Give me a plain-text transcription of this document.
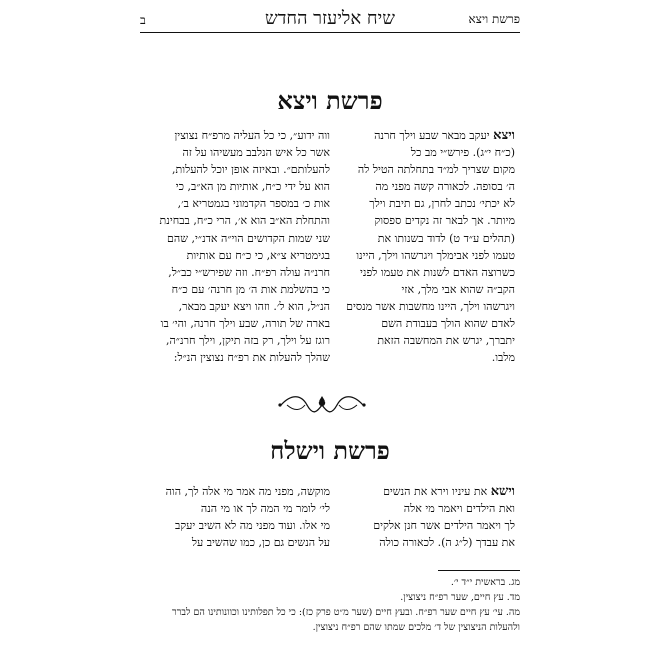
פרשת ויצא
שיח אליעזר החדש
ב
פרשת ויצא
פרשת וישלח
מג. בראשית י״ד י׳.
מד. עץ חיים, שער רפ״ח ניצוצין.
מה. עי׳ עץ חיים שער רפ״ח. ובעץ חיים (שער מ״ט פרק כז): כי כל תפלותינו וכוונותינו הם לברר
ולהעלות הניצוצין של ד׳ מלכים שמתו שהם רפ״ח ניצוצין.
ויצא יעקב מבאר שבע וילך חרנה
(כ״ח י״ג). פירש״י מב כל
מקום שצריך למ״ד בתחלתה הטיל לה
ה׳ בסופה. לכאורה קשה מפני מה
לא יכתי׳ נכתב לחרן, גם תיבת וילך
מיותר. אך לבאר זה נקדים ספסוק
(תהלים ע״ד ט) לדוד בשנותו את
טעמו לפני אבימלך ויגרשהו וילך, היינו
כשרוצה האדם לשנות את טעמו לפני
הקב״ה שהוא אבי מלך, אזי
ויגרשהו וילך, היינו מחשבות אשר מנסים
לאדם שהוא הולך בעבודת השם
יתברך, יגרש את המחשבה הזאת
מלבו.
ווה ידוע״, כי כל העליה מרפ״ח נצוצין
אשר כל איש הנלבב מעשיהו על זה
להעלותם״. ובאיזה אופן יוכל להעלות,
הוא על ידי כ״ח, אותיות מן הא״ב, כי
אות כ׳ במספר הקדמוני בגמטריא ב׳,
והתחלת הא״ב הוא א׳, הרי כ״ח, בבחינת
שני שמות הקדושים הוי״ה אדנ״י, שהם
בגימטריא צ״א, כי כ״ח עם אותיות
חרנ״ה עולה רפ״ח. וזה שפירש״י כב״ל,
כי בהשלמת אות ה׳ מן חרנה׳ עם כ״ח
הנ״ל, הוא ל׳. וזהו ויצא יעקב מבאר,
בארה של תורה, שבע וילך חרנה, והי׳ בו
רוגז על וילך, רק בזה תיקן, וילך חרנ״ה,
שהלך להעלות את רפ״ח נצוצין הנ״ל:
וישא את עיניו וירא את הנשים
ואת הילדים ויאמר מי אלה
לך ויאמר הילדים אשר חנן אלקים
את עבדך (ל״ג ה). לכאורה כולה
מוקשה, מפני מה אמר מי אלה לך, הוה
לי׳ לומר מי המה לך או מי הנה
מי אלו. ועוד מפני מה לא השיב יעקב
על הנשים גם כן, כמו שהשיב על
